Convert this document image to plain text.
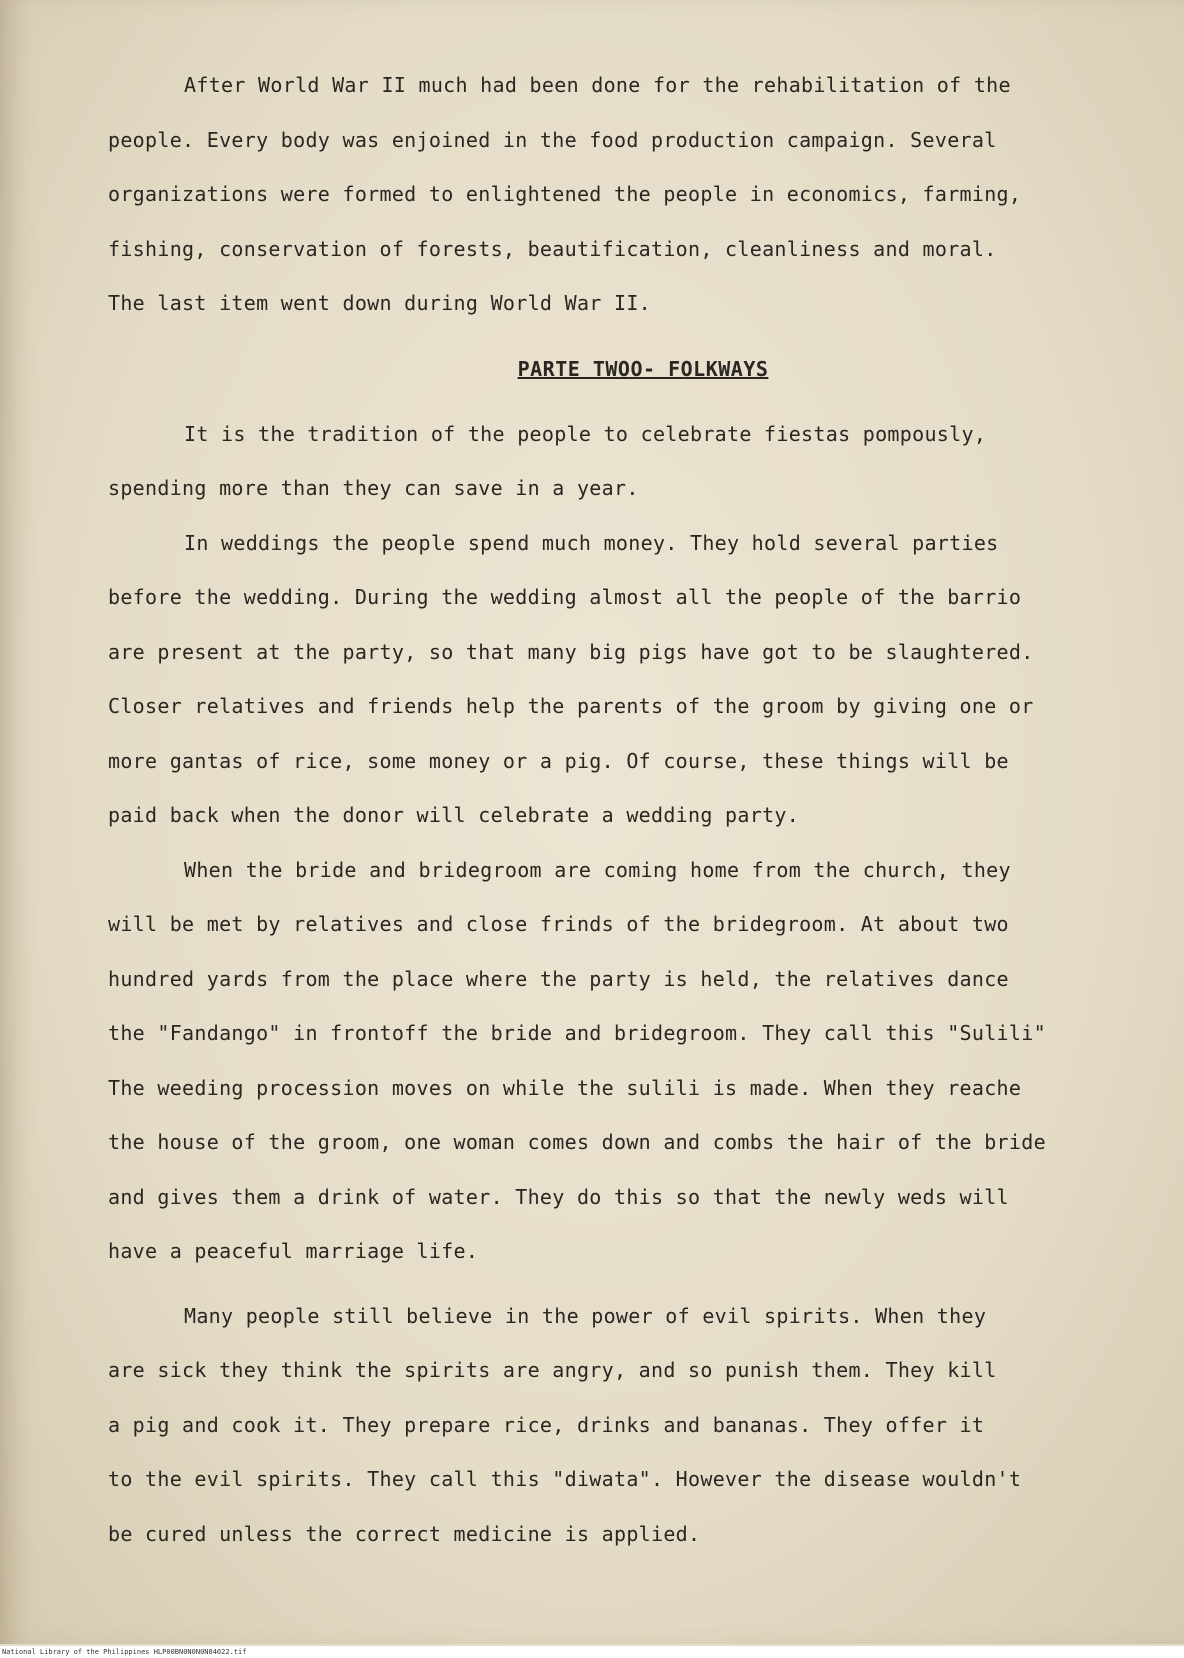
After World War II much had been done for the rehabilitation of the
people. Every body was enjoined in the food production campaign. Several
organizations were formed to enlightened the people in economics, farming,
fishing, conservation of forests, beautification, cleanliness and moral.
The last item went down during World War II.
PARTE TWOO- FOLKWAYS
It is the tradition of the people to celebrate fiestas pompously,
spending more than they can save in a year.
In weddings the people spend much money. They hold several parties
before the wedding. During the wedding almost all the people of the barrio
are present at the party, so that many big pigs have got to be slaughtered.
Closer relatives and friends help the parents of the groom by giving one or
more gantas of rice, some money or a pig. Of course, these things will be
paid back when the donor will celebrate a wedding party.
When the bride and bridegroom are coming home from the church, they
will be met by relatives and close frinds of the bridegroom. At about two
hundred yards from the place where the party is held, the relatives dance
the "Fandango" in frontoff the bride and bridegroom. They call this "Sulili"
The weeding procession moves on while the sulili is made. When they reache
the house of the groom, one woman comes down and combs the hair of the bride
and gives them a drink of water. They do this so that the newly weds will
have a peaceful marriage life.
Many people still believe in the power of evil spirits. When they
are sick they think the spirits are angry, and so punish them. They kill
a pig and cook it. They prepare rice, drinks and bananas. They offer it
to the evil spirits. They call this "diwata". However the disease wouldn't
be cured unless the correct medicine is applied.
National Library of the Philippines HLP00BN0N0N0N04022.tif
